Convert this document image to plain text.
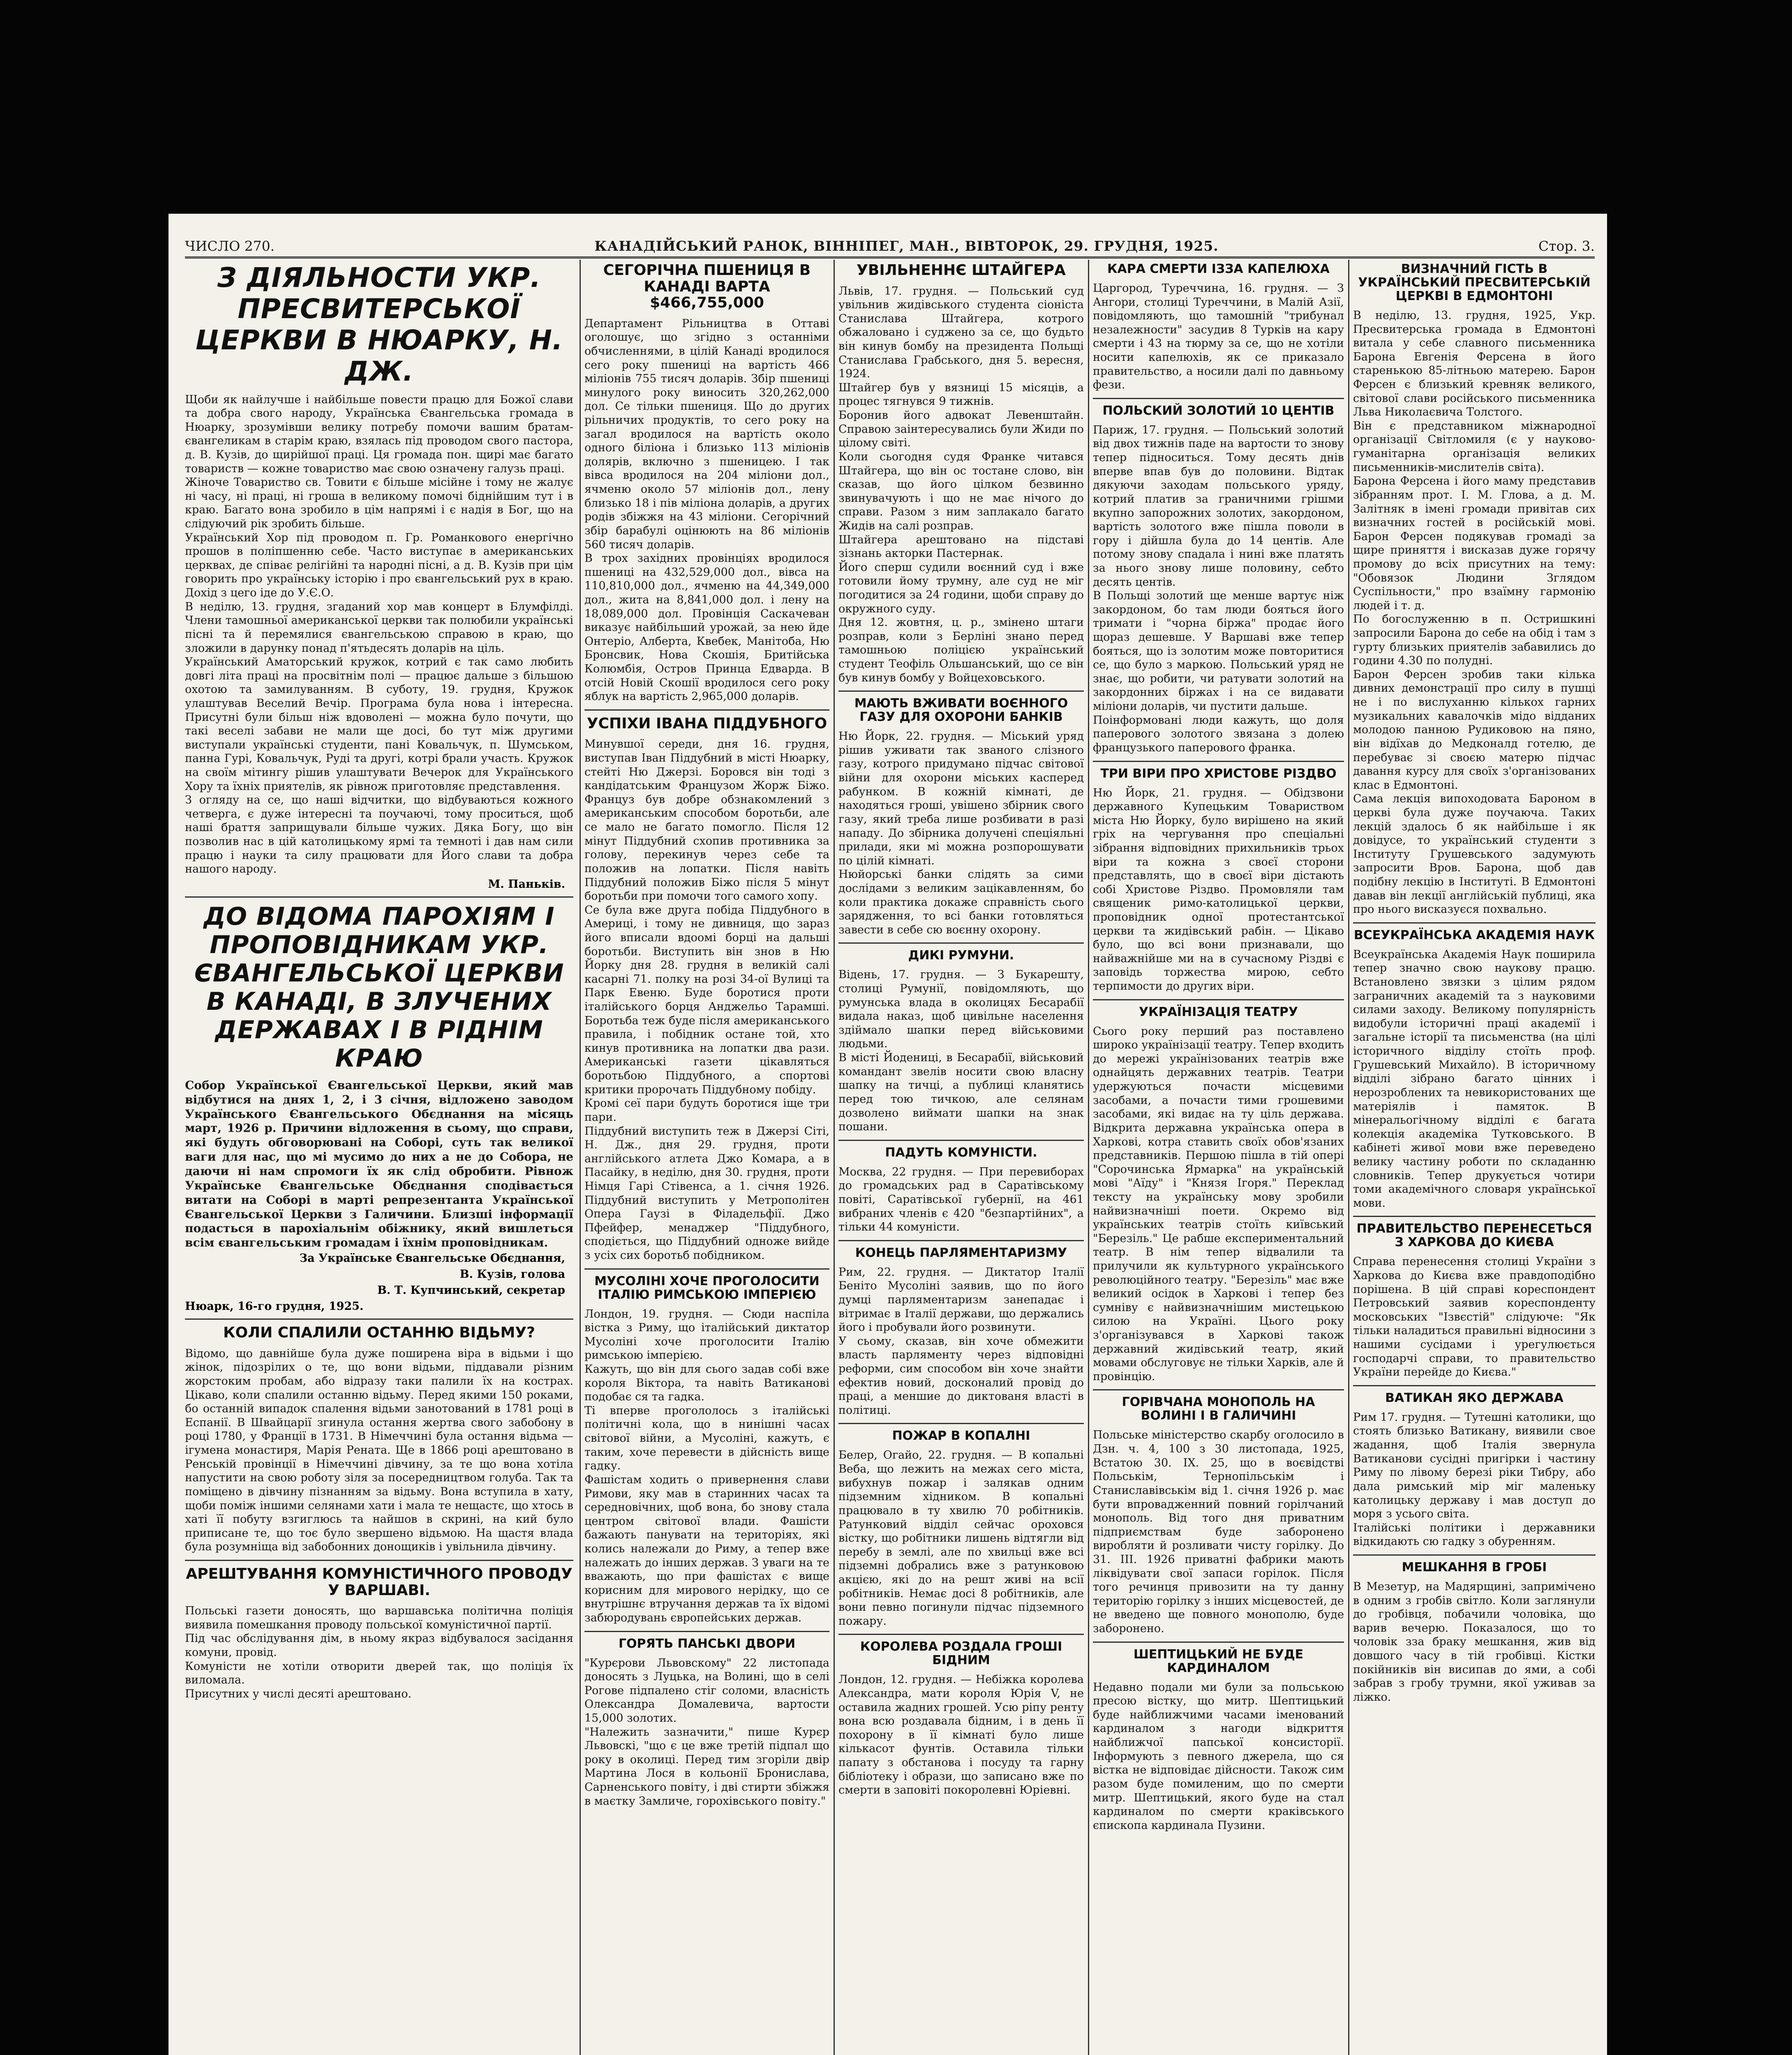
ЧИСЛО 270.	КАНАДІЙСЬКИЙ РАНОК, ВІННІПЕГ, МАН., ВІВТОРОК, 29. ГРУДНЯ, 1925.	Стор. 3.
З ДІЯЛЬНОСТИ УКР. ПРЕСВИТЕРСЬКОЇ ЦЕРКВИ В НЮАРКУ, Н. ДЖ.

Щоби як найлучше і найбільше повести працю для Божої слави та добра свого народу, Українська Євангельська громада в Нюарку, зрозумівши велику потребу помочи вашим братам-євангеликам в старім краю, взялась під проводом свого пастора, д. В. Кузів, до щирійшої праці. Ця громада пон. щирі має багато товариств — кожне товариство має свою означену галузь праці.
Жіноче Товариство св. Товити є більше місійне і тому не жалує ні часу, ні праці, ні гроша в великому помочі біднійшим тут і в краю. Багато вона зробило в цім напрямі і є надія в Бог, що на слідуючий рік зробить більше.
Український Хор під проводом п. Гр. Романкового енергічно прошов в поліпшенню себе. Часто виступає в американських церквах, де співає релігійні та народні пісні, а д. В. Кузів при цім говорить про українську історію і про євангельський рух в краю. Дохід з цего іде до У.Є.О.
В неділю, 13. грудня, згаданий хор мав концерт в Блумфілді. Члени тамошньої американської церкви так полюбили українські пісні та й перемялися євангельською справою в краю, що зложили в дарунку понад п'ятьдесять доларів на ціль.
Український Аматорський кружок, котрий є так само любить довгі літа праці на просвітнім полі — працює дальше з більшою охотою та замилуванням. В суботу, 19. грудня, Кружок улаштував Веселий Вечір. Програма була нова і інтересна. Присутні були більш ніж вдоволені — можна було почути, що такі веселі забави не мали ще досі, бо тут між другими виступали українські студенти, пані Ковальчук, п. Шумськом, панна Гурі, Ковальчук, Руді та другі, котрі брали участь. Кружок на своїм мітингу рішив улаштувати Вечерок для Українського Хору та їхніх приятелів, як рівнож приготовляє представлення.
З огляду на се, що наші відчитки, що відбуваються кожного четверга, є дуже інтересні та поучаючі, тому проситься, щоб наші браття заприщували більше чужих. Дяка Богу, що він позволив нас в цій католицькому ярмі та темноті і дав нам сили працю і науки та силу працювати для Його слави та добра нашого народу.

М. Панькiв.
ДО ВІДОМА ПАРОХІЯМ І ПРОПОВІДНИКАМ УКР. ЄВАНГЕЛЬСЬКОЇ ЦЕРКВИ В КАНАДІ, В ЗЛУЧЕНИХ ДЕРЖАВАХ І В РІДНІМ КРАЮ

Собор Української Євангельської Церкви, який мав відбутися на днях 1, 2, і 3 січня, відложено заводом Українського Євангельського Обєднання на місяць март, 1926 р. Причини відложення в сьому, що справи, які будуть обговорювані на Соборі, суть так великої ваги для нас, що мі мусимо до них а не до Собора, не даючи ні нам спромоги їх як слід обробити. Рівнож Українське Євангельське Обєднання сподівається витати на Соборі в марті репрезентанта Української Євангельської Церкви з Галичини. Близші інформації подасться в пароxіальнім обіжнику, який вишлеться всім євангельським громадам і їхнім проповідникам.

За Українське Євангельське Обєднання,
В. Кузів, голова
В. Т. Купчинський, секретар
Нюарк, 16-го грудня, 1925.
КОЛИ СПАЛИЛИ ОСТАННЮ ВІДЬМУ?

Відомо, що давнійше була дуже поширена віра в відьми і що жінок, підозрілих о те, що вони відьми, піддавали різним жорстоким пробам, або відразу таки палили їх на кострах. Цікаво, коли спалили останню відьму. Перед якими 150 роками, бо останній випадок спалення відьми занотований в 1781 році в Еспанії. В Швайцарії згинула остання жертва свого забобону в році 1780, у Франції в 1731. В Німеччині була остання відьма — ігумена монастиря, Марія Рената. Ще в 1866 році арештовано в Ренській провінції в Німеччині дівчину, за те що вона хотіла напустити на свою роботу зіля за посередництвом голуба. Так та поміщено в дівчину пізнанням за відьму. Вона вступила в хату, щоби поміж іншими селянами хати і мала те нещастє, що хтось в хаті її побуту взгиглюсь та найшов в скрині, на кий було приписане те, що тоє було звершено відьмою. На щастя влада була розумніща від забобонних донощиків і увільнила дівчину.

АРЕШТУВАННЯ КОМУНІСТИЧНОГО ПРОВОДУ У ВАРШАВІ.

Польські газети доносять, що варшавська політична поліція виявила помешкання проводу польської комуністичної партії.
Під час обслідування дім, в ньому якраз відбувалося засідання комуни, провід.
Комуністи не хотіли отворити дверей так, що поліція їх виломала.
Присутних у числі десяті арештовано.

СЕГОРІЧНА ПШЕНИЦЯ В КАНАДІ ВАРТА $466,755,000

Департамент Рільництва в Оттаві оголошує, що згідно з останніми обчисленнями, в цілій Канаді вродилося сего року пшениці на вартість 466 міліонів 755 тисяч доларів. Збір пшениці минулого року виносить 320,262,000 дол. Се тільки пшениця. Що до других рільничих продуктів, то сего року на загал вродилося на вартість около одного біліона і близько 113 міліонів долярів, включно з пшеницею. І так вівса вродилося на 204 міліони дол., ячменю около 57 міліонів дол., лену близько 18 і пів міліона доларів, а других родів збіжжя на 43 міліони. Сегорічний збір барабулі оцінюють на 86 міліонів 560 тисяч доларів.
В трох західних провінціях вродилося пшениці на 432,529,000 дол., вівса на 110,810,000 дол., ячменю на 44,349,000 дол., жита на 8,841,000 дол. і лену на 18,089,000 дол. Провінція Саскачеван виказує найбільший урожай, за нею йде Онтеріо, Алберта, Квебек, Манітоба, Ню Бронсвик, Нова Скошія, Бритійська Колюмбія, Остров Принца Едварда. В отсій Новій Скошії вродилося сего року яблук на вартість 2,965,000 доларів.

УСПІХИ ІВАНА ПІДДУБНОГО

Минувшої середи, дня 16. грудня, виступав Іван Піддубний в місті Нюарку, стейті Ню Джерзі. Боровся він тоді з кандідатським Французом Жорж Біжо. Француз був добре обзнакомлений з американським способом боротьби, але се мало не багато помогло. Після 12 мінут Піддубний схопив противника за голову, перекинув через себе та положив на лопатки. Після навіть Піддубний положив Біжо після 5 мінут боротьби при помочи того самого хопу.
Се була вже друга побіда Піддубного в Америці, і тому не дивниця, що зараз його вписали вдоомі борці на дальші боротьби. Виступить він знов в Ню Йорку дня 28. грудня в великій салі касарні 71. полку на розі 34-ої Вулиці та Парк Евеню. Буде боротися проти італійського борця Анджельо Тарамші. Боротьба теж буде після американського правила, і побідник остане той, хто кинув противника на лопатки два рази. Американські газети цікавляться боротьбою Піддубного, а спортові критики пророчать Піддубному побіду.
Кромі сеї пари будуть боротися іще три пари.
Піддубний виступить теж в Джерзі Сіті, Н. Дж., дня 29. грудня, проти англійського атлета Джо Комара, а в Пасайку, в неділю, дня 30. грудня, проти Німця Гарі Стівенса, а 1. січня 1926. Піддубний виступить у Метрополітен Опера Гаузі в Філадельфії. Джо Пфейфер, менаджер "Піддубного, сподіється, що Піддубний одноже вийде з усіх сих боротьб побідником.

МУСОЛІНІ ХОЧЕ ПРОГОЛОСИТИ ІТАЛІЮ РИМСЬКОЮ ІМПЕРІЄЮ

Лондон, 19. грудня. — Сюди наспіла вістка з Риму, що італійський диктатор Мусоліні хоче проголосити Італію римською імперією.
Кажуть, що він для сього задав собі вже короля Віктора, та навіть Ватиканові подобає ся та гадка.
Ті вперве прогололось з італійські політичні кола, що в нинішні часах світової війни, а Мусоліні, кажуть, є таким, хоче перевести в дійсність вище гадку.
Фашістам ходить о привернення слави Римови, яку мав в старинних часах та середновічних, щоб вона, бо знову стала центром світової влади. Фашісти бажають панувати на територіях, які колись належали до Риму, а тепер вже належать до інших держав. З уваги на те вважають, що при фашістах є вище корисним для мирового нерідку, що се внутрішнє втручання держав та їх відомі забюродувань європейських держав.

ГОРЯТЬ ПАНСЬКІ ДВОРИ

"Курєрови Львовскому" 22 листопада доносять з Луцька, на Волині, що в селі Рогове підпалено стіг соломи, власність Олександра Домалевича, вартости 15,000 золотих.
"Належить зазначити," пише Курєр Львовскі, "що є це вже третій підпал що року в околиці. Перед тим згоріли двір Мартина Лося в кольонії Бронислава, Сарненського повіту, і дві стирти збіжжя в маєтку Замличе, горохівського повіту."

УВІЛЬНЕННЄ ШТАЙГЕРА

Львів, 17. грудня. — Польський суд увільнив жидівського студента сіоніста Станислава Штайгера, котрого обжаловано і суджено за се, що будьто він кинув бомбу на президента Польщі Станислава Грабського, дня 5. вересня, 1924.
Штайгер був у вязниці 15 місяців, а процес тягнувся 9 тижнів.
Боронив його адвокат Левенштайн. Справою заінтересувались були Жиди по цілому світі.
Коли сьогодня судя Франке читався Штайгера, що він ос тостане слово, він сказав, що його цілком безвинно звинувачують і що не має нічого до справи. Разом з ним заплакало багато Жидів на салі розправ.
Штайгера арештовано на підставі зізнань акторки Пастернак.
Його сперш судили воєнний суд і вже готовили йому трумну, але суд не міг погодитися за 24 години, щоби справу до окружного суду.
Дня 12. жовтня, ц. р., змінено штаги розправ, коли з Берліні знано перед тамошньою поліцією український студент Теофіль Ольшанський, що се він був кинув бомбу у Войцеховського.

МАЮТЬ ВЖИВАТИ ВОЄННОГО ГАЗУ ДЛЯ ОХОРОНИ БАНКІВ

Ню Йорк, 22. грудня. — Міський уряд рішив уживати так званого слізного газу, котрого придумано підчас світової війни для охорони міських касперед рабунком. В кожній кімнаті, де находяться гроші, увішено збірник свого газу, який треба лише розбивати в разі нападу. До збірника долучені спеціяльні прилади, яки мі можна розпорошувати по цілій кімнаті.
Нюйорські банки слідять за сими дослідами з великим зацікавленням, бо коли практика докаже справність сього зарядження, то всі банки готовляться завести в себе сю воєнну охорону.

ДИКІ РУМУНИ.

Відень, 17. грудня. — З Букарешту, столиці Румунії, повідомляють, що румунська влада в околицях Бесарабії видала наказ, щоб цивільне населення здіймало шапки перед військовими людьми.
В місті Йодениці, в Бесарабії, військовий командант звелів носити свою власну шапку на тичці, а публиці кланятись перед тою тичкою, але селянам дозволено виймати шапки на знак пошани.

ПАДУТЬ КОМУНІСТИ.

Москва, 22 грудня. — При перевиборах до громадських рад в Саратівському повіті, Саратівської губернії, на 461 вибраних членів є 420 "безпартійних", а тільки 44 комуністи.

КОНЕЦЬ ПАРЛЯМЕНТАРИЗМУ

Рим, 22. грудня. — Диктатор Італії Беніто Мусоліні заявив, що по його думці парляментаризм занепадає і вітримає в Італії держави, що держались його і пробували його розвинути.
У сьому, сказав, він хоче обмежити власть парляменту через відповідні реформи, сим способом він хоче знайти ефектив новий, досконалий провід до праці, а меншие до диктованя власті в політиці.

ПОЖАР В КОПАЛНІ

Белер, Огайо, 22. грудня. — В копальні Веба, що лежить на межах сего міста, вибухнув пожар і залякав одним підземним хідником. В копальні працювало в ту хвилю 70 робітників. Ратунковий відділ сейчас ороховся вістку, що робітники лишень відтягли від перебу в землі, але по хвильці вже всі підземні добрались вже з ратунковою акцією, які до на решт живі на всії робітників. Немає досі 8 робітників, але вони певно погинули підчас підземного пожару.

КОРОЛЕВА РОЗДАЛА ГРОШІ БІДНИМ

Лондон, 12. грудня. — Небіжка королева Александра, мати короля Юрія V, не оставила жадних грошей. Усю ріпу ренту вона всю роздавала бідним, і в день її похорону в її кімнаті було лише кількасот фунтів. Оставила тільки папату з обстанова і посуду та гарну бібліотеку і образи, що записано вже по смерти в заповіті покоролевні Юріевні.

КАРА СМЕРТИ ІЗЗА КАПЕЛЮХА

Царгород, Туреччина, 16. грудня. — З Ангори, столиці Туреччини, в Малій Азії, повідомляють, що тамошній "трибунал незалежности" засудив 8 Турків на кару смерти і 43 на тюрму за се, що не хотіли носити капелюхів, як се приказало правительство, а носили далі по давньому фези.

ПОЛЬСКИЙ ЗОЛОТИЙ 10 ЦЕНТІВ

Париж, 17. грудня. — Польський золотий від двох тижнів паде на вартости то знову тепер підноситься. Тому десять днів вперве впав був до половини. Відтак дякуючи заходам польського уряду, котрий платив за граничними грішми вкупно запорожних золотих, закордоном, вартість золотого вже пішла поволи в гору і дійшла була до 14 центів. Але потому знову спадала і нині вже платять за нього знову лише половину, себто десять центів.
В Польщі золотий ще менше вартує ніж закордоном, бо там люди бояться його тримати і "чорна біржа" продає його щораз дешевше. У Варшаві вже тепер бояться, що із золотим може повторитися се, що було з маркою. Польський уряд не знає, що робити, чи ратувати золотий на закордонних біржах і на се видавати міліони доларів, чи пустити дальше.
Поінформовані люди кажуть, що доля паперового золотого звязана з долею французького паперового франка.

ТРИ ВІРИ ПРО ХРИСТОВЕ РІЗДВО

Ню Йорк, 21. грудня. — Обідзвони державного Купецьким Товариством міста Ню Йорку, було вирішено на який гріх на чергування про спеціальні зібрання відповідних прихильників трьох віри та кожна з своєї сторони представлять, що в своєї віри дістають собі Христове Різдво. Промовляли там священик римо-католицької церкви, проповідник одної протестантської церкви та жидівський рабін. — Цікаво було, що всі вони признавали, що найважнійше ми на в сучасному Різдві є заповідь торжества мирою, себто терпимости до других віри.

УКРАЇНІЗАЦІЯ ТЕАТРУ

Сього року перший раз поставлено широко українізації театру. Тепер входить до мережі українізованих театрів вже однайцять державних театрів. Театри удержуються почасти місцевими засобами, а почасти тими грошевими засобами, які видає на ту ціль держава. Відкрита державна українська опера в Харкові, котра ставить своїх обов'язаних представників. Першою пішла в тій опері "Сорочинська Ярмарка" на українській мові "Аїду" і "Князя Ігоря." Переклад тексту на українську мову зробили найвизначніші поети. Окремо від українських театрів стоїть київський "Березіль." Це рабше експериментальний театр. В нім тепер відвалили та прилучили як культурного українського революційного театру. "Березіль" має вже великий осідок в Харкові і тепер без сумніву є найвизначнішим мистецькою силою на Україні. Цього року з'організувався в Харкові також державний жидівський театр, який мовами обслуговує не тільки Харків, але й провінцію.

ГОРІВЧАНА МОНОПОЛЬ НА ВОЛИНІ І В ГАЛИЧИНІ

Польське міністерство скарбу оголосило в Дзн. ч. 4, 100 з 30 листопада, 1925, Встатою 30. IX. 25, що в воєвідстві Польськім, Тернопільськім і Станиславівськім від 1. січня 1926 р. має бути впровадженний повний горілчаний монополь. Від того дня приватним підприємствам буде заборонено виробляти й розливати чисту горілку. До 31. III. 1926 приватні фабрики мають ліквідувати свої запаси горілок. Після того речинця привозити на ту данну територію горілку з інших місцевостей, де не введено ще повного монополю, буде заборонено.

ШЕПТИЦЬКИЙ НЕ БУДЕ КАРДИНАЛОМ

Недавно подали ми були за польською пресою вістку, що митр. Шептицький буде найближчими часами іменований кардиналом з нагоди відкриття найближчої папської консисторії. Інформують з певного джерела, що ся вістка не відповідає дійсности. Також сим разом буде помиленим, що по смерти митр. Шептицький, якого буде на стал кардиналом по смерти краківського єпископа кардинала Пузини.

ВИЗНАЧНИЙ ГІСТЬ В УКРАЇНСЬКИЙ ПРЕСВИТЕРСЬКІЙ ЦЕРКВІ В ЕДМОНТОНІ

В неділю, 13. грудня, 1925, Укр. Пресвитерська громада в Едмонтоні витала у себе славного письменника Барона Евгенія Ферсена в його старенькою 85-літньою матерею. Барон Ферсен є близький кревняк великого, світової слави російського письменника Льва Николаєвича Толстого.
Він є представником міжнародної організації Світломиля (є у науково-гуманітарна організація великих письменників-мислителів світа).
Барона Ферсена і його маму представив зібранням прот. І. М. Гловa, а д. М. Залітняк в імені громади привітав сих визначних гостей в російській мові. Барон Ферсен подякував громаді за щире приняття і висказав дуже горячу промову до всіх присутних на тему: "Обовязок Людини Зглядом Суспільности," про взаїмну гармонію людей і т. д.
По богослуженню в п. Остришкині запросили Барона до себе на обід і там з гурту близьких приятелів забавились до години 4.30 по полудні.
Барон Ферсен зробив таки кілька дивних демонстрації про силу в пушці не і по вислуханню кількох гарних музикальних кавалочків мідо відданих молодою панною Рудиковою на пяно, він відїхав до Медконалд готелю, де перебуває зі своєю матерю підчас давання курсу для своїх з'організованих клас в Едмонтоні.
Сама лекція випоходовата Бароном в церкві була дуже поучаюча. Таких лекцій здалось б як найбільше і як довідусе, то український студенти з Інституту Грушевського задумують запросити Вров. Барона, щоб дав подібну лекцію в Інституті. В Едмонтоні давав він лекції англійській публиці, яка про нього висказуєся похвально.

ВСЕУКРАЇНСЬКА АКАДЕМІЯ НАУК

Всеукраїнська Академія Наук поширила тепер значно свою наукову працю. Встановлено звязки з цілим рядом заграничних академій та з науковими силами заходу. Великому популярність видобули історичні праці академії і загальне історії та письменства (на цілі історичного відділу стоїть проф. Грушевський Михайло). В історичному відділі зібрано багато цінних і нерозроблених та невикористованих ще матеріялів і памяток. В мінеральогічному відділі є багата колекція академіка Тутковського. В кабінеті живої мови вже переведено велику частину роботи по складанню словників. Тепер друкується чотири томи академічного словаря української мови.

ПРАВИТЕЛЬСТВО ПЕРЕНЕСЕТЬСЯ З ХАРКОВА ДО КИЄВА

Справа перенесення столиці України з Харкова до Києва вже правдоподібно порішена. В цій справі кореспондент Петровський заявив кореспонденту московських "Ізвєстій" слідуюче: "Як тільки наладиться правильні відносини з нашими сусідами і урегулюється господарчі справи, то правительство України перейде до Києва."

ВАТИКАН ЯКО ДЕРЖАВА

Рим 17. грудня. — Тутешні католики, що стоять близько Ватикану, виявили свое жадання, щоб Італія звернула Ватиканови сусідні пригірки і частину Риму по лівому березі ріки Тибру, або дала римський мір міг маленьку католицьку державу і мав доступ до моря з усього світа.
Італійські політики і державники відкидають сю гадку з обуренням.

МЕШКАННЯ В ГРОБІ

В Мезетур, на Мадярщині, запримічено в одним з гробів світло. Коли заглянули до гробівця, побачили чоловіка, що варив вечерю. Показалося, що то чоловік зза браку мешкання, жив від довшого часу в тій гробівці. Кістки покійників він висипав до ями, а собі забрав з гробу трумни, якої уживав за ліжко.
